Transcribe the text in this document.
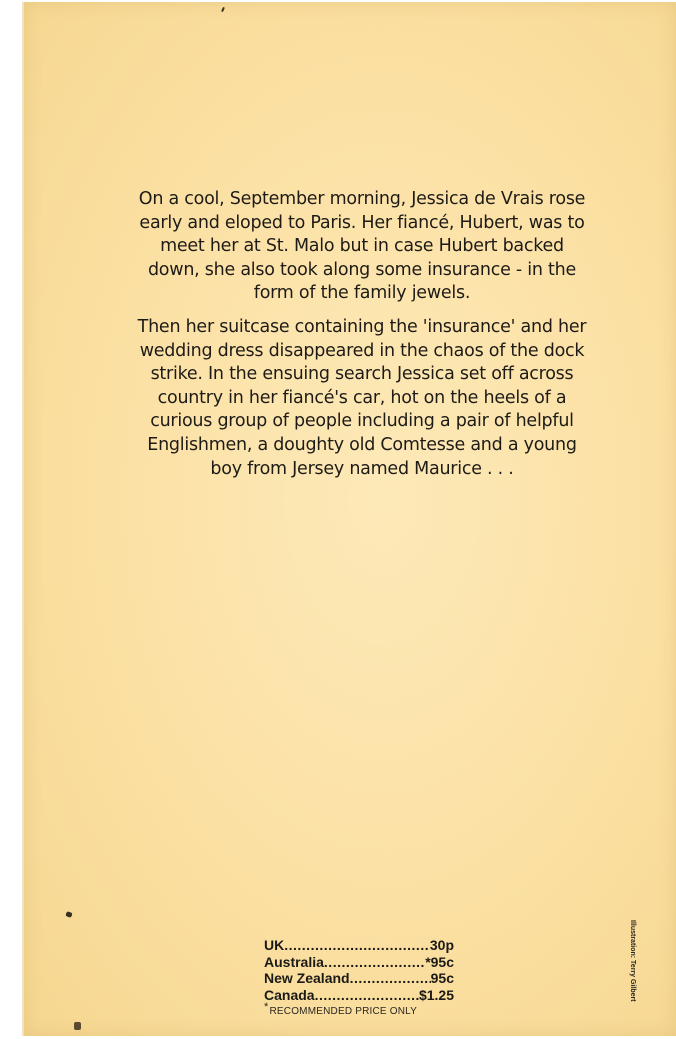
On a cool, September morning, Jessica de Vrais rose early and eloped to Paris. Her fiancé, Hubert, was to meet her at St. Malo but in case Hubert backed down, she also took along some insurance - in the form of the family jewels.

Then her suitcase containing the 'insurance' and her wedding dress disappeared in the chaos of the dock strike. In the ensuing search Jessica set off across country in her fiancé's car, hot on the heels of a curious group of people including a pair of helpful Englishmen, a doughty old Comtesse and a young boy from Jersey named Maurice . . .

UK .....	30p
Australia .....	*95c
New Zealand .....	95c
Canada .....	$1.25
*RECOMMENDED PRICE ONLY
Illustration: Terry Gilbert
